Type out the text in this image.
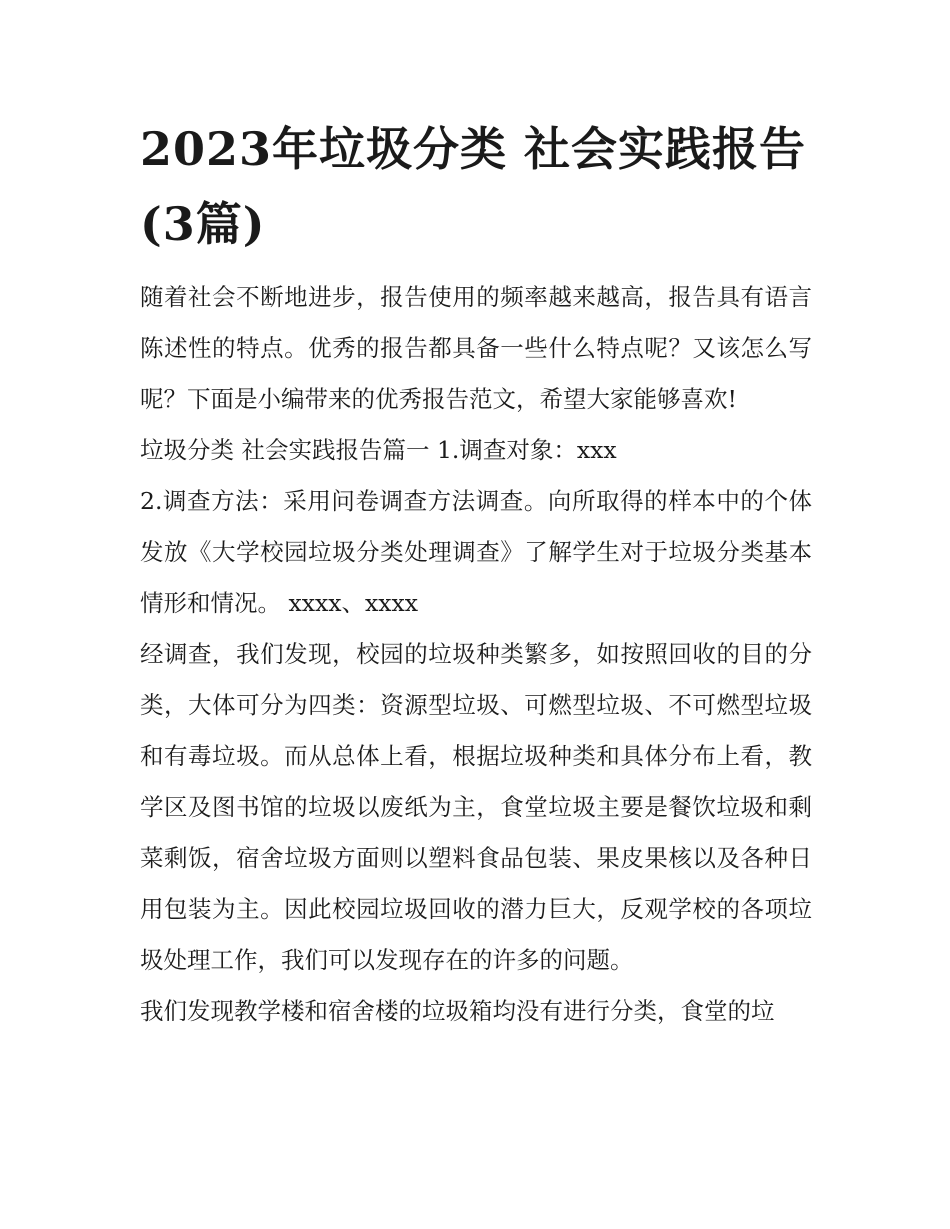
2023年垃圾分类 社会实践报告(3篇)

随着社会不断地进步，报告使用的频率越来越高，报告具有语言陈述性的特点。优秀的报告都具备一些什么特点呢？又该怎么写呢？下面是小编带来的优秀报告范文，希望大家能够喜欢!

垃圾分类 社会实践报告篇一 1.调查对象：xxx

2.调查方法：采用问卷调查方法调查。向所取得的样本中的个体发放《大学校园垃圾分类处理调查》了解学生对于垃圾分类基本情形和情况。 xxxx、xxxx

经调查，我们发现，校园的垃圾种类繁多，如按照回收的目的分类，大体可分为四类：资源型垃圾、可燃型垃圾、不可燃型垃圾和有毒垃圾。而从总体上看，根据垃圾种类和具体分布上看，教学区及图书馆的垃圾以废纸为主，食堂垃圾主要是餐饮垃圾和剩菜剩饭，宿舍垃圾方面则以塑料食品包装、果皮果核以及各种日用包装为主。因此校园垃圾回收的潜力巨大，反观学校的各项垃圾处理工作，我们可以发现存在的许多的问题。

我们发现教学楼和宿舍楼的垃圾箱均没有进行分类，食堂的垃
